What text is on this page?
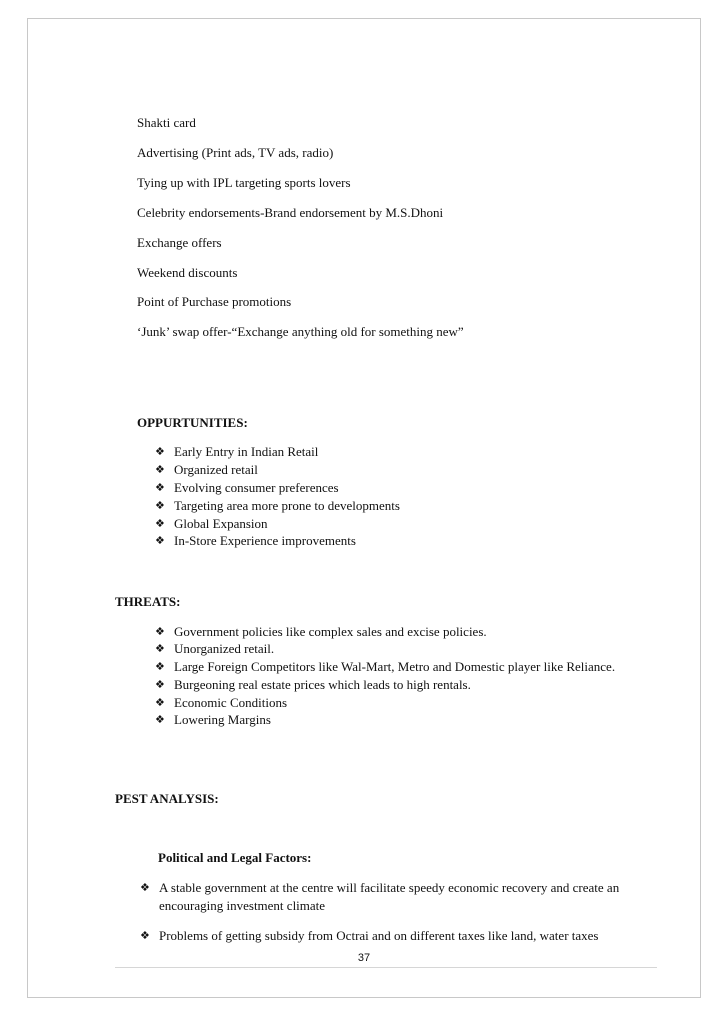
Shakti card
Advertising (Print ads, TV ads, radio)
Tying up with IPL targeting sports lovers
Celebrity endorsements-Brand endorsement by M.S.Dhoni
Exchange offers
Weekend discounts
Point of Purchase promotions
‘Junk’ swap offer-“Exchange anything old for something new”
OPPURTUNITIES:
❖ Early Entry in Indian Retail
❖ Organized retail
❖ Evolving consumer preferences
❖ Targeting area more prone to developments
❖ Global Expansion
❖ In-Store Experience improvements
THREATS:
❖ Government policies like complex sales and excise policies.
❖ Unorganized retail.
❖ Large Foreign Competitors like Wal-Mart, Metro and Domestic player like Reliance.
❖ Burgeoning real estate prices which leads to high rentals.
❖ Economic Conditions
❖ Lowering Margins
PEST ANALYSIS:
Political and Legal Factors:
❖ A stable government at the centre will facilitate speedy economic recovery and create an
encouraging investment climate
❖ Problems of getting subsidy from Octrai and on different taxes like land, water taxes
37
